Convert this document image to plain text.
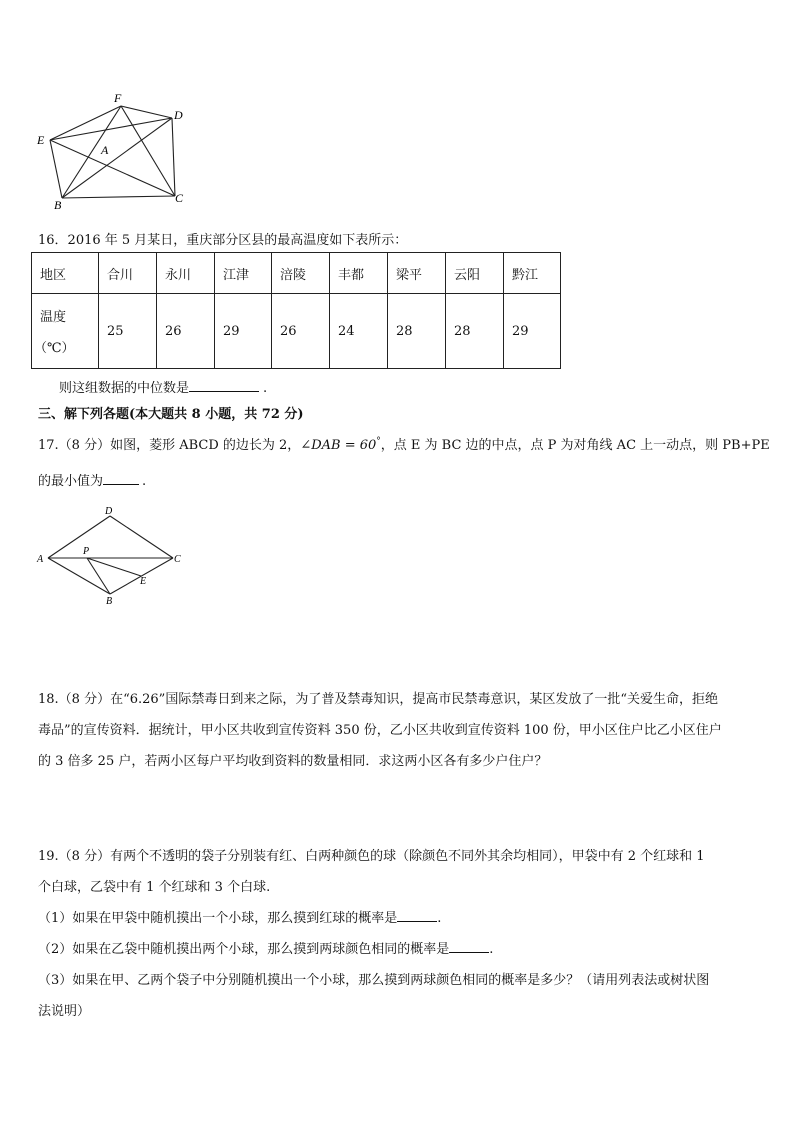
F
D
E
A
B	C
16．2016 年 5 月某日，重庆部分区县的最高温度如下表所示：
地区	合川	永川	江津	涪陵	丰都	梁平	云阳	黔江

温度
（℃）	25	26	29	26	24	28	28	29
则这组数据的中位数是	.
三、解下列各题(本大题共 8 小题，共 72 分)
17.（8 分）如图，菱形 ABCD 的边长为 2，∠DAB = 60°，点 E 为 BC 边的中点，点 P 为对角线 AC 上一动点，则 PB+PE
的最小值为	.
D
A
P
C
E
B
18.（8 分）在“6.26”国际禁毒日到来之际，为了普及禁毒知识，提高市民禁毒意识，某区发放了一批“关爱生命，拒绝
毒品”的宣传资料．据统计，甲小区共收到宣传资料 350 份，乙小区共收到宣传资料 100 份，甲小区住户比乙小区住户
的 3 倍多 25 户，若两小区每户平均收到资料的数量相同．求这两小区各有多少户住户？
19.（8 分）有两个不透明的袋子分别装有红、白两种颜色的球（除颜色不同外其余均相同），甲袋中有 2 个红球和 1
个白球，乙袋中有 1 个红球和 3 个白球.
（1）如果在甲袋中随机摸出一个小球，那么摸到红球的概率是	.
（2）如果在乙袋中随机摸出两个小球，那么摸到两球颜色相同的概率是	.
（3）如果在甲、乙两个袋子中分别随机摸出一个小球，那么摸到两球颜色相同的概率是多少？（请用列表法或树状图
法说明）
